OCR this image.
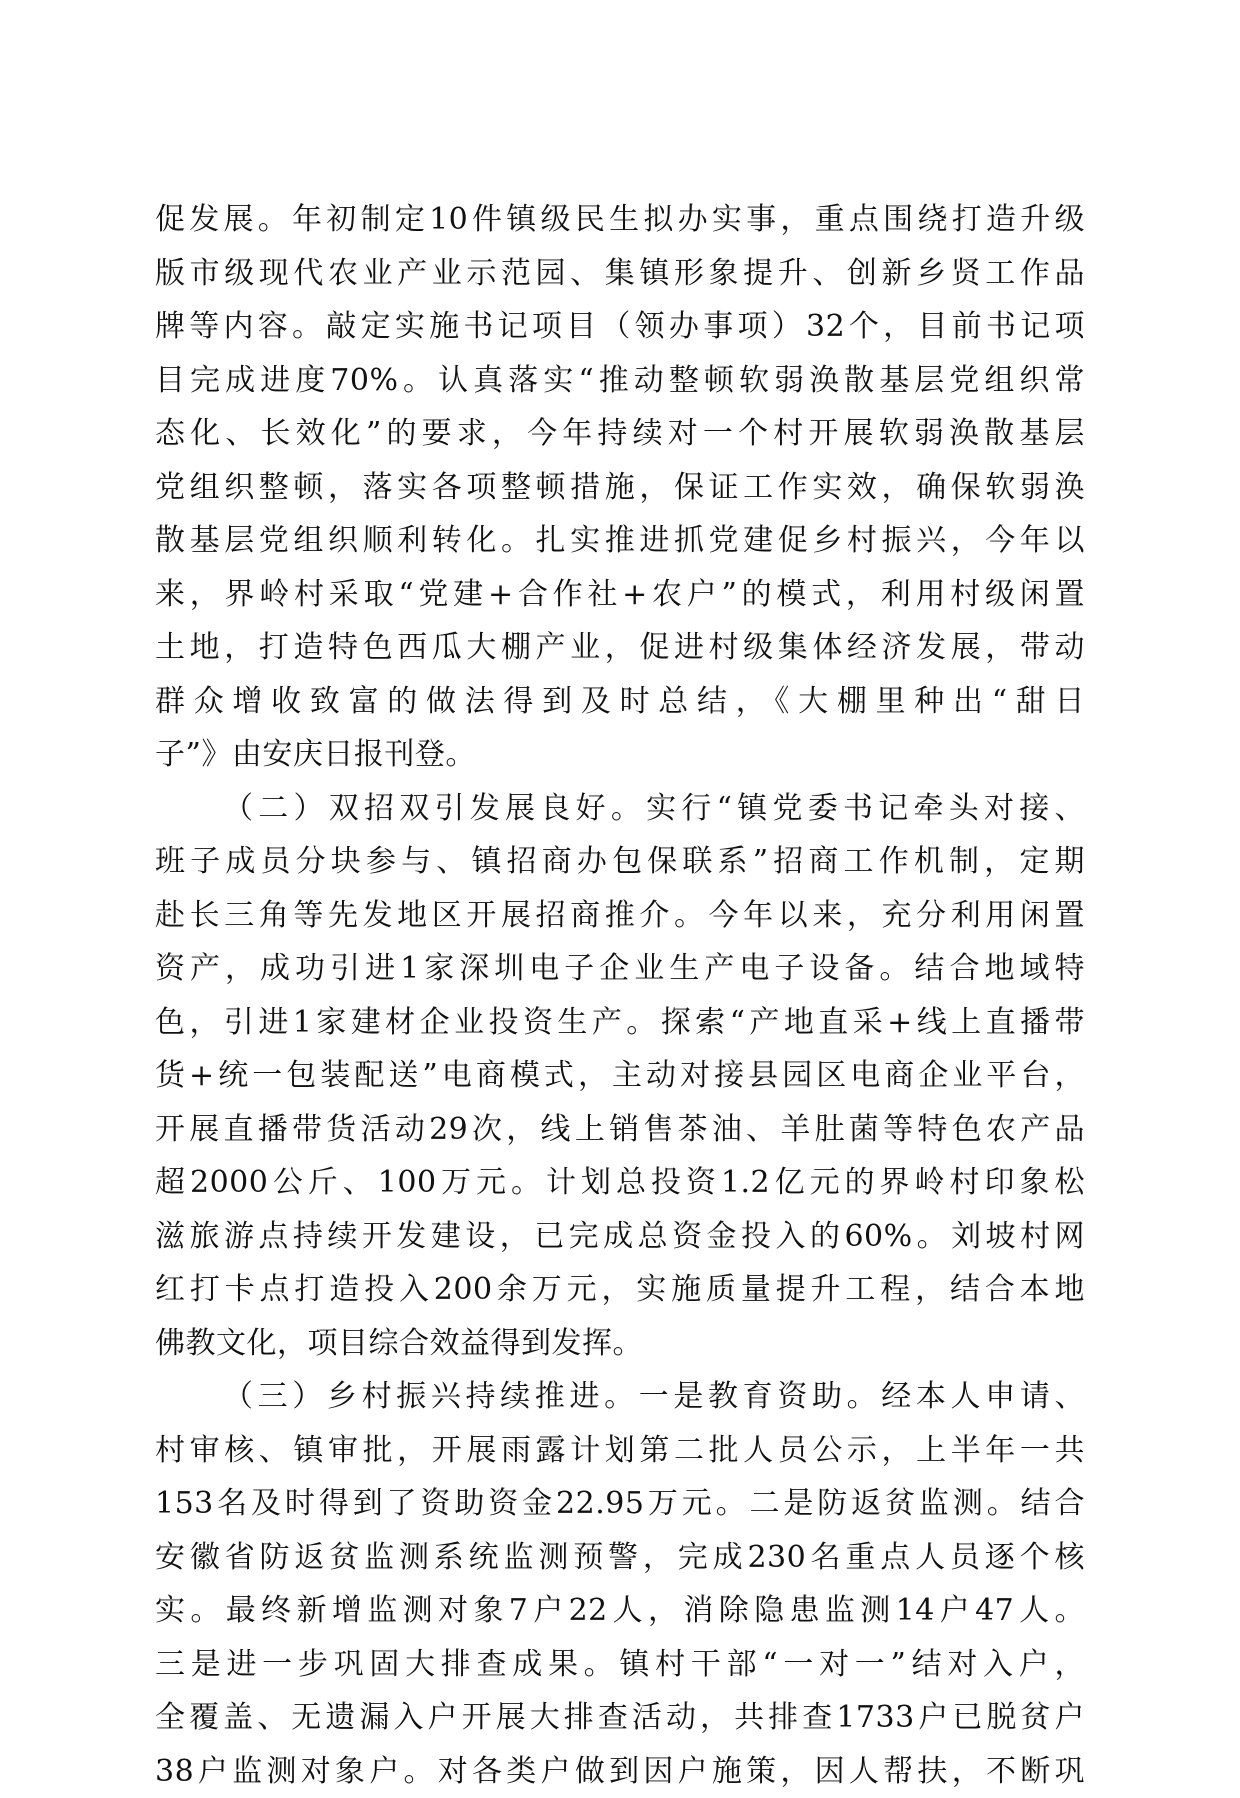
促发展。年初制定10件镇级民生拟办实事，重点围绕打造升级
版市级现代农业产业示范园、集镇形象提升、创新乡贤工作品
牌等内容。敲定实施书记项目（领办事项）32个，目前书记项
目完成进度70%。认真落实“推动整顿软弱涣散基层党组织常
态化、长效化”的要求，今年持续对一个村开展软弱涣散基层
党组织整顿，落实各项整顿措施，保证工作实效，确保软弱涣
散基层党组织顺利转化。扎实推进抓党建促乡村振兴，今年以
来，界岭村采取“党建+合作社+农户”的模式，利用村级闲置
土地，打造特色西瓜大棚产业，促进村级集体经济发展，带动
群众增收致富的做法得到及时总结，《大棚里种出“甜日
子”》由安庆日报刊登。
（二）双招双引发展良好。实行“镇党委书记牵头对接、
班子成员分块参与、镇招商办包保联系”招商工作机制，定期
赴长三角等先发地区开展招商推介。今年以来，充分利用闲置
资产，成功引进1家深圳电子企业生产电子设备。结合地域特
色，引进1家建材企业投资生产。探索“产地直采+线上直播带
货+统一包装配送”电商模式，主动对接县园区电商企业平台，
开展直播带货活动29次，线上销售茶油、羊肚菌等特色农产品
超2000公斤、100万元。计划总投资1.2亿元的界岭村印象松
滋旅游点持续开发建设，已完成总资金投入的60%。刘坡村网
红打卡点打造投入200余万元，实施质量提升工程，结合本地
佛教文化，项目综合效益得到发挥。
（三）乡村振兴持续推进。一是教育资助。经本人申请、
村审核、镇审批，开展雨露计划第二批人员公示，上半年一共
153名及时得到了资助资金22.95万元。二是防返贫监测。结合
安徽省防返贫监测系统监测预警，完成230名重点人员逐个核
实。最终新增监测对象7户22人，消除隐患监测14户47人。
三是进一步巩固大排查成果。镇村干部“一对一”结对入户，
全覆盖、无遗漏入户开展大排查活动，共排查1733户已脱贫户
38户监测对象户。对各类户做到因户施策，因人帮扶，不断巩
